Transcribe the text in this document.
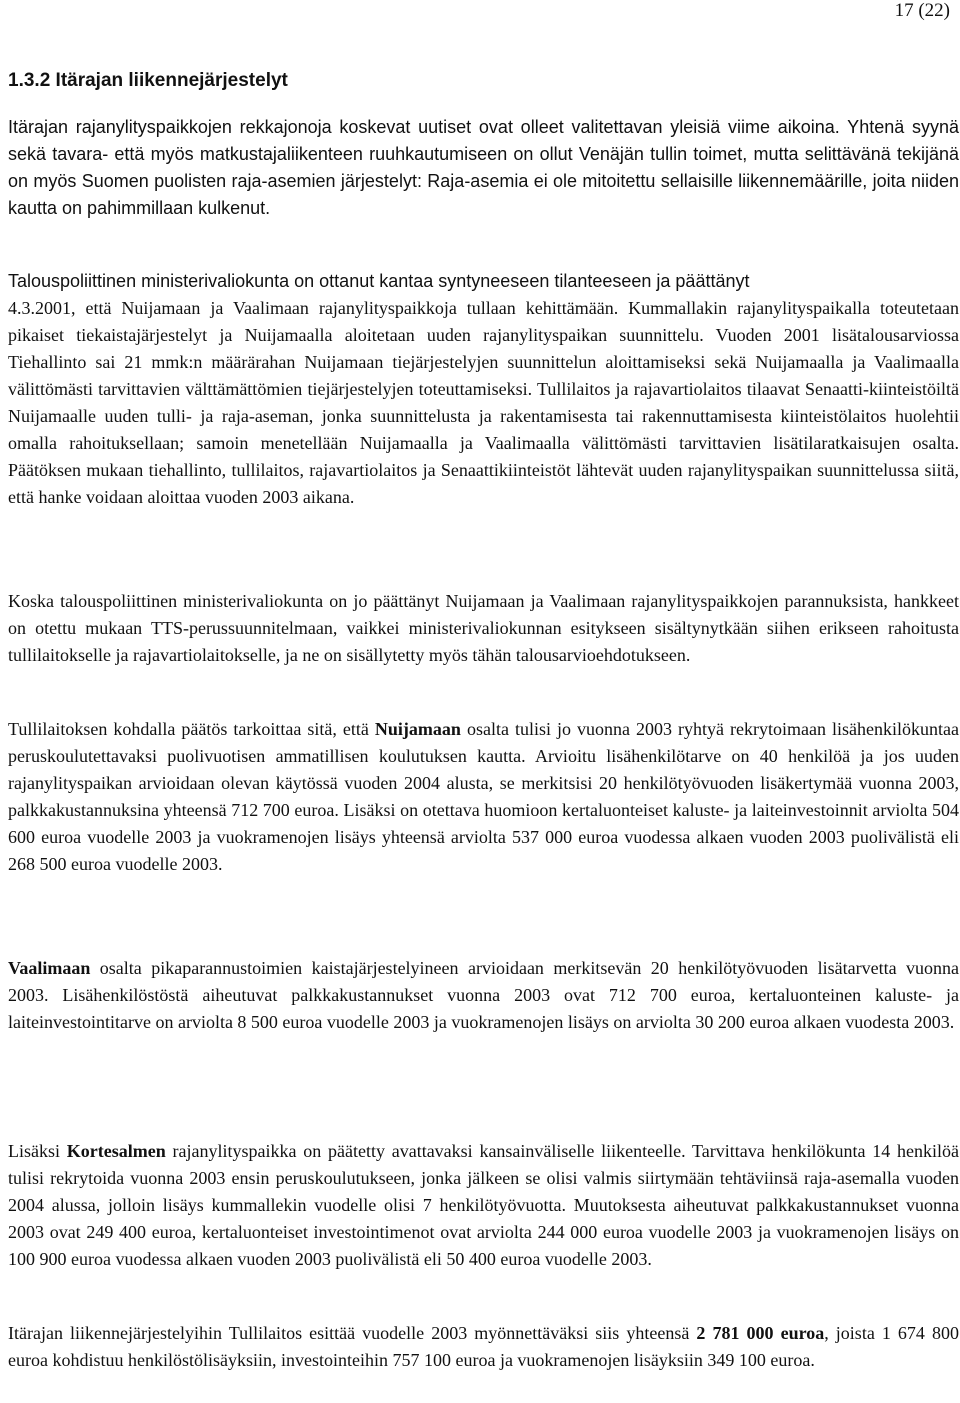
17 (22)
1.3.2 Itärajan liikennejärjestelyt

Itärajan rajanylityspaikkojen rekkajonoja koskevat uutiset ovat olleet valitettavan yleisiä viime aikoina. Yhtenä syynä sekä tavara- että myös matkustajaliikenteen ruuhkautumiseen on ollut Venäjän tullin toimet, mutta selittävänä tekijänä on myös Suomen puolisten raja-asemien järjestelyt: Raja-asemia ei ole mitoitettu sellaisille liikennemäärille, joita niiden kautta on pahimmillaan kulkenut.

Talouspoliittinen ministerivaliokunta on ottanut kantaa syntyneeseen tilanteeseen ja päättänyt

4.3.2001, että Nuijamaan ja Vaalimaan rajanylityspaikkoja tullaan kehittämään. Kummallakin rajanylityspaikalla toteutetaan pikaiset tiekaistajärjestelyt ja Nuijamaalla aloitetaan uuden rajanylityspaikan suunnittelu. Vuoden 2001 lisätalousarviossa Tiehallinto sai 21 mmk:n määrärahan Nuijamaan tiejärjestelyjen suunnittelun aloittamiseksi sekä Nuijamaalla ja Vaalimaalla välittömästi tarvittavien välttämättömien tiejärjestelyjen toteuttamiseksi. Tullilaitos ja rajavartiolaitos tilaavat Senaatti-kiinteistöiltä Nuijamaalle uuden tulli- ja raja-aseman, jonka suunnittelusta ja rakentamisesta tai rakennuttamisesta kiinteistölaitos huolehtii omalla rahoituksellaan; samoin menetellään Nuijamaalla ja Vaalimaalla välittömästi tarvittavien lisätilaratkaisujen osalta. Päätöksen mukaan tiehallinto, tullilaitos, rajavartiolaitos ja Senaattikiinteistöt lähtevät uuden rajanylityspaikan suunnittelussa siitä, että hanke voidaan aloittaa vuoden 2003 aikana.

Koska talouspoliittinen ministerivaliokunta on jo päättänyt Nuijamaan ja Vaalimaan rajanylityspaikkojen parannuksista, hankkeet on otettu mukaan TTS-perussuunnitelmaan, vaikkei ministerivaliokunnan esitykseen sisältynytkään siihen erikseen rahoitusta tullilaitokselle ja rajavartiolaitokselle, ja ne on sisällytetty myös tähän talousarvioehdotukseen.

Tullilaitoksen kohdalla päätös tarkoittaa sitä, että Nuijamaan osalta tulisi jo vuonna 2003 ryhtyä rekrytoimaan lisähenkilökuntaa peruskoulutettavaksi puolivuotisen ammatillisen koulutuksen kautta. Arvioitu lisähenkilötarve on 40 henkilöä ja jos uuden rajanylityspaikan arvioidaan olevan käytössä vuoden 2004 alusta, se merkitsisi 20 henkilötyövuoden lisäkertymää vuonna 2003, palkkakustannuksina yhteensä 712 700 euroa. Lisäksi on otettava huomioon kertaluonteiset kaluste- ja laiteinvestoinnit arviolta 504 600 euroa vuodelle 2003 ja vuokramenojen lisäys yhteensä arviolta 537 000 euroa vuodessa alkaen vuoden 2003 puolivälistä eli 268 500 euroa vuodelle 2003.

Vaalimaan osalta pikaparannustoimien kaistajärjestelyineen arvioidaan merkitsevän 20 henkilötyövuoden lisätarvetta vuonna 2003. Lisähenkilöstöstä aiheutuvat palkkakustannukset vuonna 2003 ovat 712 700 euroa, kertaluonteinen kaluste- ja laiteinvestointitarve on arviolta 8 500 euroa vuodelle 2003 ja vuokramenojen lisäys on arviolta 30 200 euroa alkaen vuodesta 2003.

Lisäksi Kortesalmen rajanylityspaikka on päätetty avattavaksi kansainväliselle liikenteelle. Tarvittava henkilökunta 14 henkilöä tulisi rekrytoida vuonna 2003 ensin peruskoulutukseen, jonka jälkeen se olisi valmis siirtymään tehtäviinsä raja-asemalla vuoden 2004 alussa, jolloin lisäys kummallekin vuodelle olisi 7 henkilötyövuotta. Muutoksesta aiheutuvat palkkakustannukset vuonna 2003 ovat 249 400 euroa, kertaluonteiset investointimenot ovat arviolta 244 000 euroa vuodelle 2003 ja vuokramenojen lisäys on 100 900 euroa vuodessa alkaen vuoden 2003 puolivälistä eli 50 400 euroa vuodelle 2003.

Itärajan liikennejärjestelyihin Tullilaitos esittää vuodelle 2003 myönnettäväksi siis yhteensä 2 781 000 euroa, joista 1 674 800 euroa kohdistuu henkilöstölisäyksiin, investointeihin 757 100 euroa ja vuokramenojen lisäyksiin 349 100 euroa.
